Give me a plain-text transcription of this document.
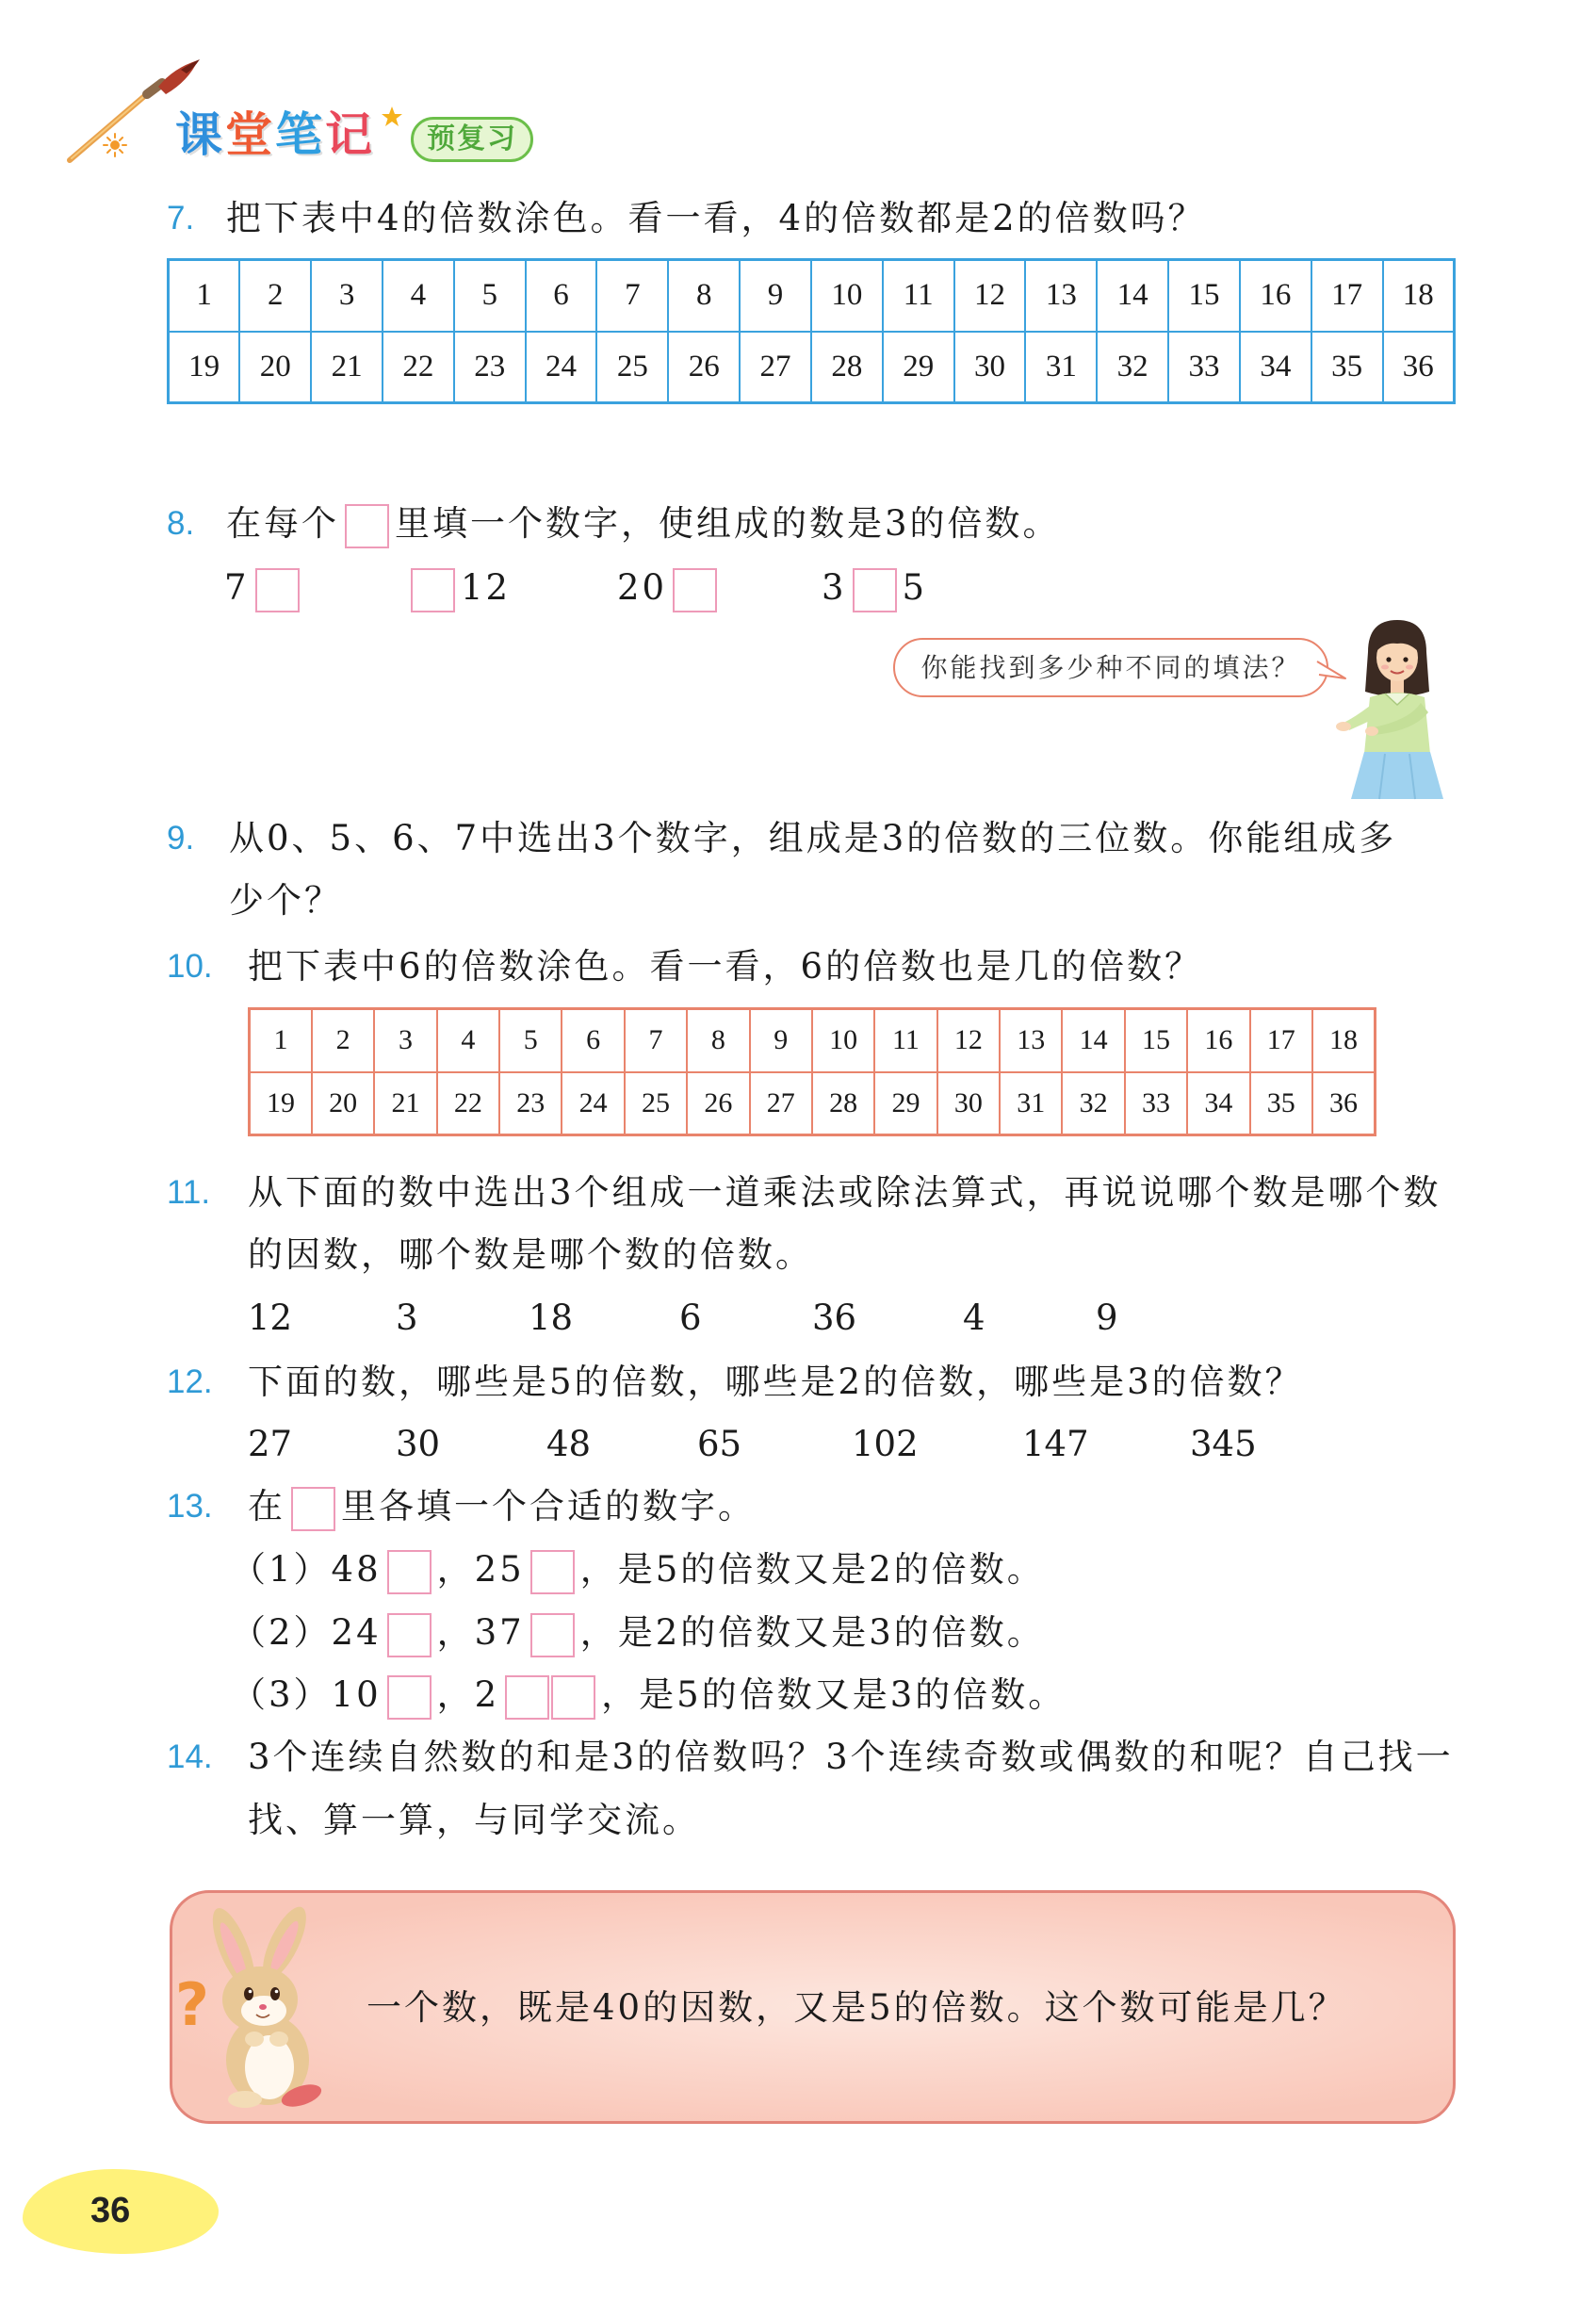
课堂笔记	预复习
7. 把下表中4的倍数涂色。看一看，4的倍数都是2的倍数吗？
1	2	3	4	5	6	7	8	9	10	11	12	13	14	15	16	17	18
19	20	21	22	23	24	25	26	27	28	29	30	31	32	33	34	35	36
8. 在每个 里填一个数字，使组成的数是3的倍数。
7	12	20	3 5
你能找到多少种不同的填法？
9. 从0、5、6、7中选出3个数字，组成是3的倍数的三位数。你能组成多
少个？
10. 把下表中6的倍数涂色。看一看，6的倍数也是几的倍数？
1	2	3	4	5	6	7	8	9	10	11	12	13	14	15	16	17	18
19	20	21	22	23	24	25	26	27	28	29	30	31	32	33	34	35	36
11. 从下面的数中选出3个组成一道乘法或除法算式，再说说哪个数是哪个数
的因数，哪个数是哪个数的倍数。
12	3	18	6	36	4	9
12. 下面的数，哪些是5的倍数，哪些是2的倍数，哪些是3的倍数？
27	30	48	65	102	147	345
13. 在 里各填一个合适的数字。
（1）48 ，25 ，是5的倍数又是2的倍数。
（2）24 ，37 ，是2的倍数又是3的倍数。
（3）10 ，2	，是5的倍数又是3的倍数。
14. 3个连续自然数的和是3的倍数吗？3个连续奇数或偶数的和呢？自己找一
找、算一算，与同学交流。
?	一个数，既是40的因数，又是5的倍数。这个数可能是几？
36
